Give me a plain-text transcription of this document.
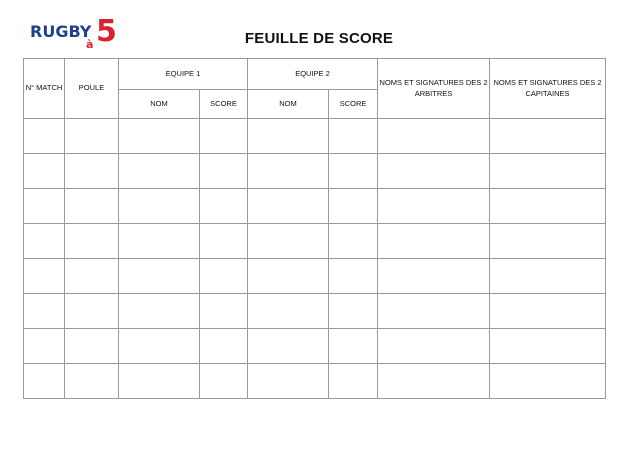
RUGBY
à 5	FEUILLE DE SCORE
N° MATCH	POULE	EQUIPE 1		EQUIPE 2		NOMS ET SIGNATURES DES 2 ARBITRES	NOMS ET SIGNATURES DES 2 CAPITAINES
		NOM	SCORE	NOM	SCORE		
